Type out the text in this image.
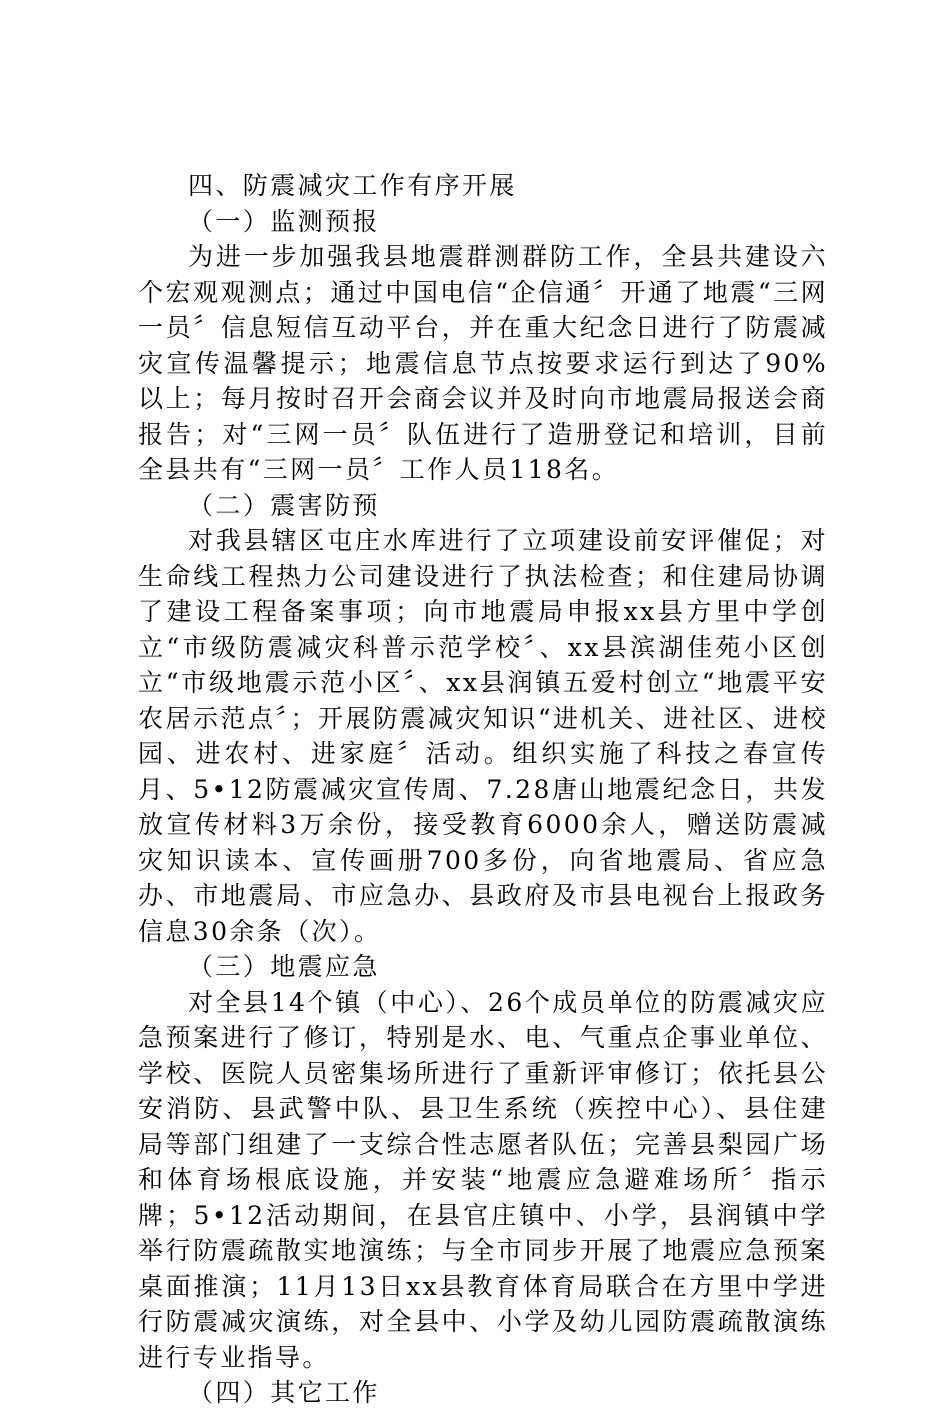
四、防震减灾工作有序开展

（一）监测预报

为进一步加强我县地震群测群防工作，全县共建设六个宏观观测点；通过中国电信“企信通〞开通了地震“三网一员〞信息短信互动平台，并在重大纪念日进行了防震减灾宣传温馨提示；地震信息节点按要求运行到达了90%以上；每月按时召开会商会议并及时向市地震局报送会商报告；对“三网一员〞队伍进行了造册登记和培训，目前全县共有“三网一员〞工作人员118名。

（二）震害防预

对我县辖区屯庄水库进行了立项建设前安评催促；对生命线工程热力公司建设进行了执法检查；和住建局协调了建设工程备案事项；向市地震局申报xx县方里中学创立“市级防震减灾科普示范学校〞、xx县滨湖佳苑小区创立“市级地震示范小区〞、xx县润镇五爱村创立“地震平安农居示范点〞；开展防震减灾知识“进机关、进社区、进校园、进农村、进家庭〞活动。组织实施了科技之春宣传月、5•12防震减灾宣传周、7.28唐山地震纪念日，共发放宣传材料3万余份，接受教育6000余人，赠送防震减灾知识读本、宣传画册700多份，向省地震局、省应急办、市地震局、市应急办、县政府及市县电视台上报政务信息30余条（次）。

（三）地震应急

对全县14个镇（中心）、26个成员单位的防震减灾应急预案进行了修订，特别是水、电、气重点企事业单位、学校、医院人员密集场所进行了重新评审修订；依托县公安消防、县武警中队、县卫生系统（疾控中心）、县住建局等部门组建了一支综合性志愿者队伍；完善县梨园广场和体育场根底设施，并安装“地震应急避难场所〞指示牌；5•12活动期间，在县官庄镇中、小学，县润镇中学举行防震疏散实地演练；与全市同步开展了地震应急预案桌面推演；11月13日xx县教育体育局联合在方里中学进行防震减灾演练，对全县中、小学及幼儿园防震疏散演练进行专业指导。

（四）其它工作
